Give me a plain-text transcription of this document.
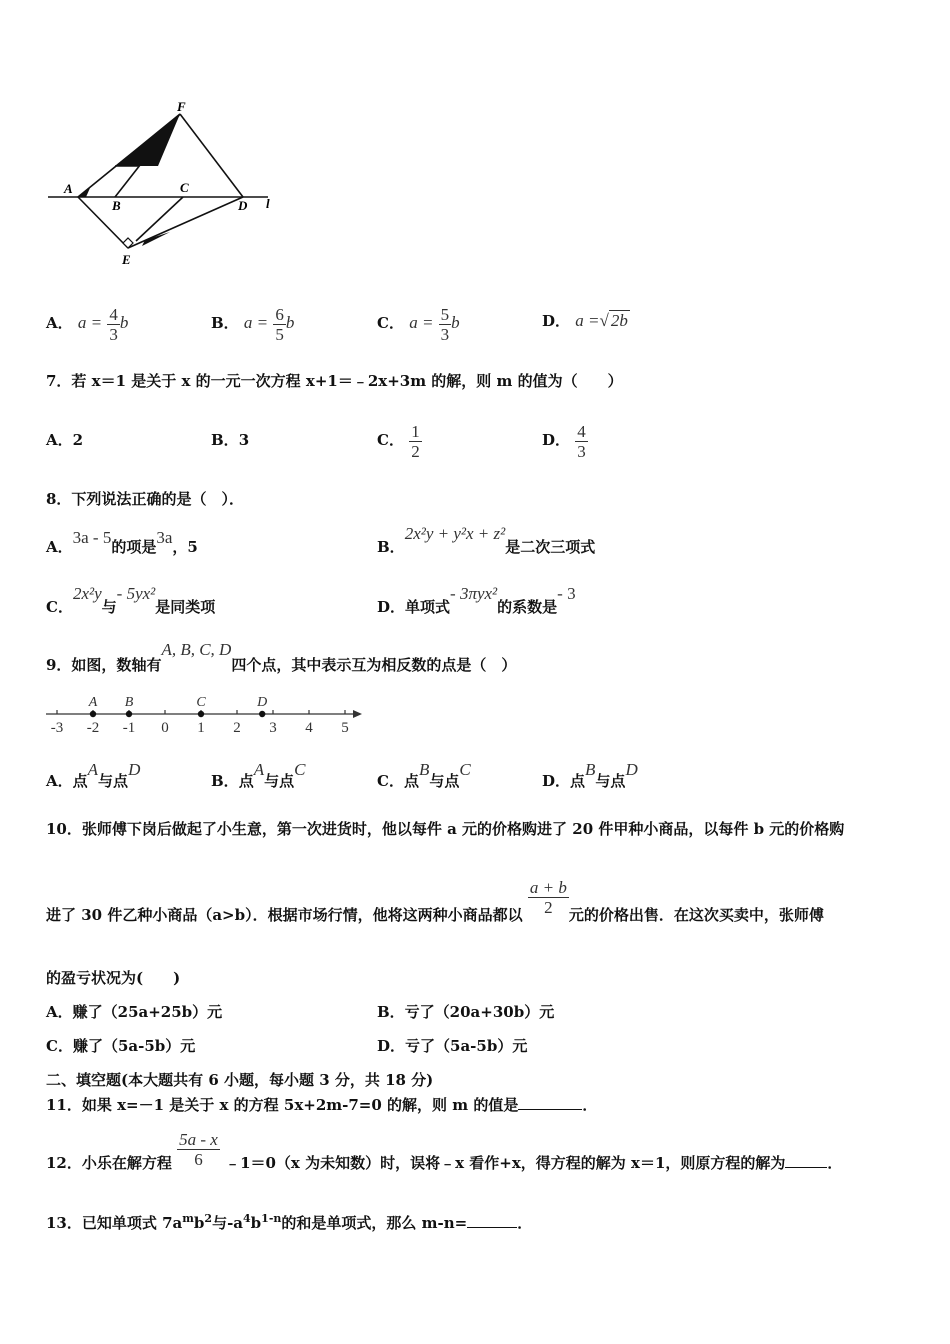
F
A	C
B	D l
E
A． $a = \frac{4}{3}$ b	B． $a = \frac{6}{5}$ b	C． $a = \frac{5}{3}$ b	D． a =√ 2b
7．若 x＝1 是关于 x 的一元一次方程 x+1＝﹣2x+3m 的解，则 m 的值为（　　）
A．2	B．3	C． $\frac{1}{2}$	D． $\frac{4}{3}$
8．下列说法正确的是（　）．
A．3a - 5的项是3a，5	B．2x²y + y²x + z²是二次三项式
C．2x²y与- 5yx²是同类项	D．单项式- 3πyx²的系数是- 3
9．如图，数轴有A, B, C, D四个点，其中表示互为相反数的点是（　）
-3 -2 -1 0 1 2 3 4 5
A B	C	D
A．点A与点D
B．点A与点C
C．点B与点C
D．点B与点D
10．张师傅下岗后做起了小生意，第一次进货时，他以每件 a 元的价格购进了 20 件甲种小商品，以每件 b 元的价格购
进了 30 件乙种小商品（a>b）．根据市场行情，他将这两种小商品都以 $\frac{a + b}{2}$ 元的价格出售．在这次买卖中，张师傅
的盈亏状况为(　　)
A．赚了（25a+25b）元	B．亏了（20a+30b）元
C．赚了（5a-5b）元	D．亏了（5a-5b）元
二、填空题(本大题共有 6 小题，每小题 3 分，共 18 分)
11．如果 x=－1 是关于 x 的方程 5x+2m-7=0 的解，则 m 的值是	．
12．小乐在解方程 $\frac{5a - x}{6}$ ﹣1＝0（x 为未知数）时，误将﹣x 看作+x，得方程的解为 x＝1，则原方程的解为	．
13．已知单项式 $7a^mb^2$与$-a^4b^{1-n}$的和是单项式，那么 m-n=	．
